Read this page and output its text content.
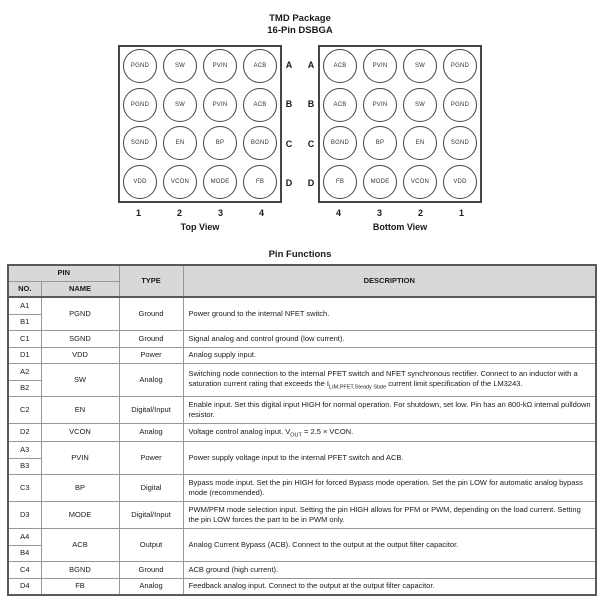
TMD Package
16-Pin DSBGA
PGND	SW	PVIN	ACB
PGND	SW	PVIN	ACB
SGND	EN	BP	BGND
VDD	VCON	MODE	FB
ACB	PVIN	SW	PGND
ACB	PVIN	SW	PGND
BGND	BP	EN	SGND
FB	MODE	VCON	VDD
A
B
C
D
A
B
C
D
1	2	3	4	4	3	2	1
Top View	Bottom View
Pin Functions
PIN		TYPE	DESCRIPTION
NO.	NAME		
A1	PGND	Ground	Power ground to the internal NFET switch.
B1			
C1	SGND	Ground	Signal analog and control ground (low current).
D1	VDD	Power	Analog supply input.
A2	SW	Analog	Switching node connection to the internal PFET switch and NFET synchronous rectifier. Connect to an inductor with a saturation current rating that exceeds the $I_{LIM,PFET,Steady State}$ current limit specification of the LM3243.
B2			
C2	EN	Digital/Input	Enable input. Set this digital input HIGH for normal operation. For shutdown, set low. Pin has an 800-kΩ internal pulldown resistor.
D2	VCON	Analog	Voltage control analog input. $V_{OUT} = 2.5$ × VCON.
A3	PVIN	Power	Power supply voltage input to the internal PFET switch and ACB.
B3			
C3	BP	Digital	Bypass mode input. Set the pin HIGH for forced Bypass mode operation. Set the pin LOW for automatic analog bypass mode (recommended).
D3	MODE	Digital/Input	PWM/PFM mode selection input. Setting the pin HIGH allows for PFM or PWM, depending on the load current. Setting the pin LOW forces the part to be in PWM only.
A4	ACB	Output	Analog Current Bypass (ACB). Connect to the output at the output filter capacitor.
B4			
C4	BGND	Ground	ACB ground (high current).
D4	FB	Analog	Feedback analog input. Connect to the output at the output filter capacitor.
